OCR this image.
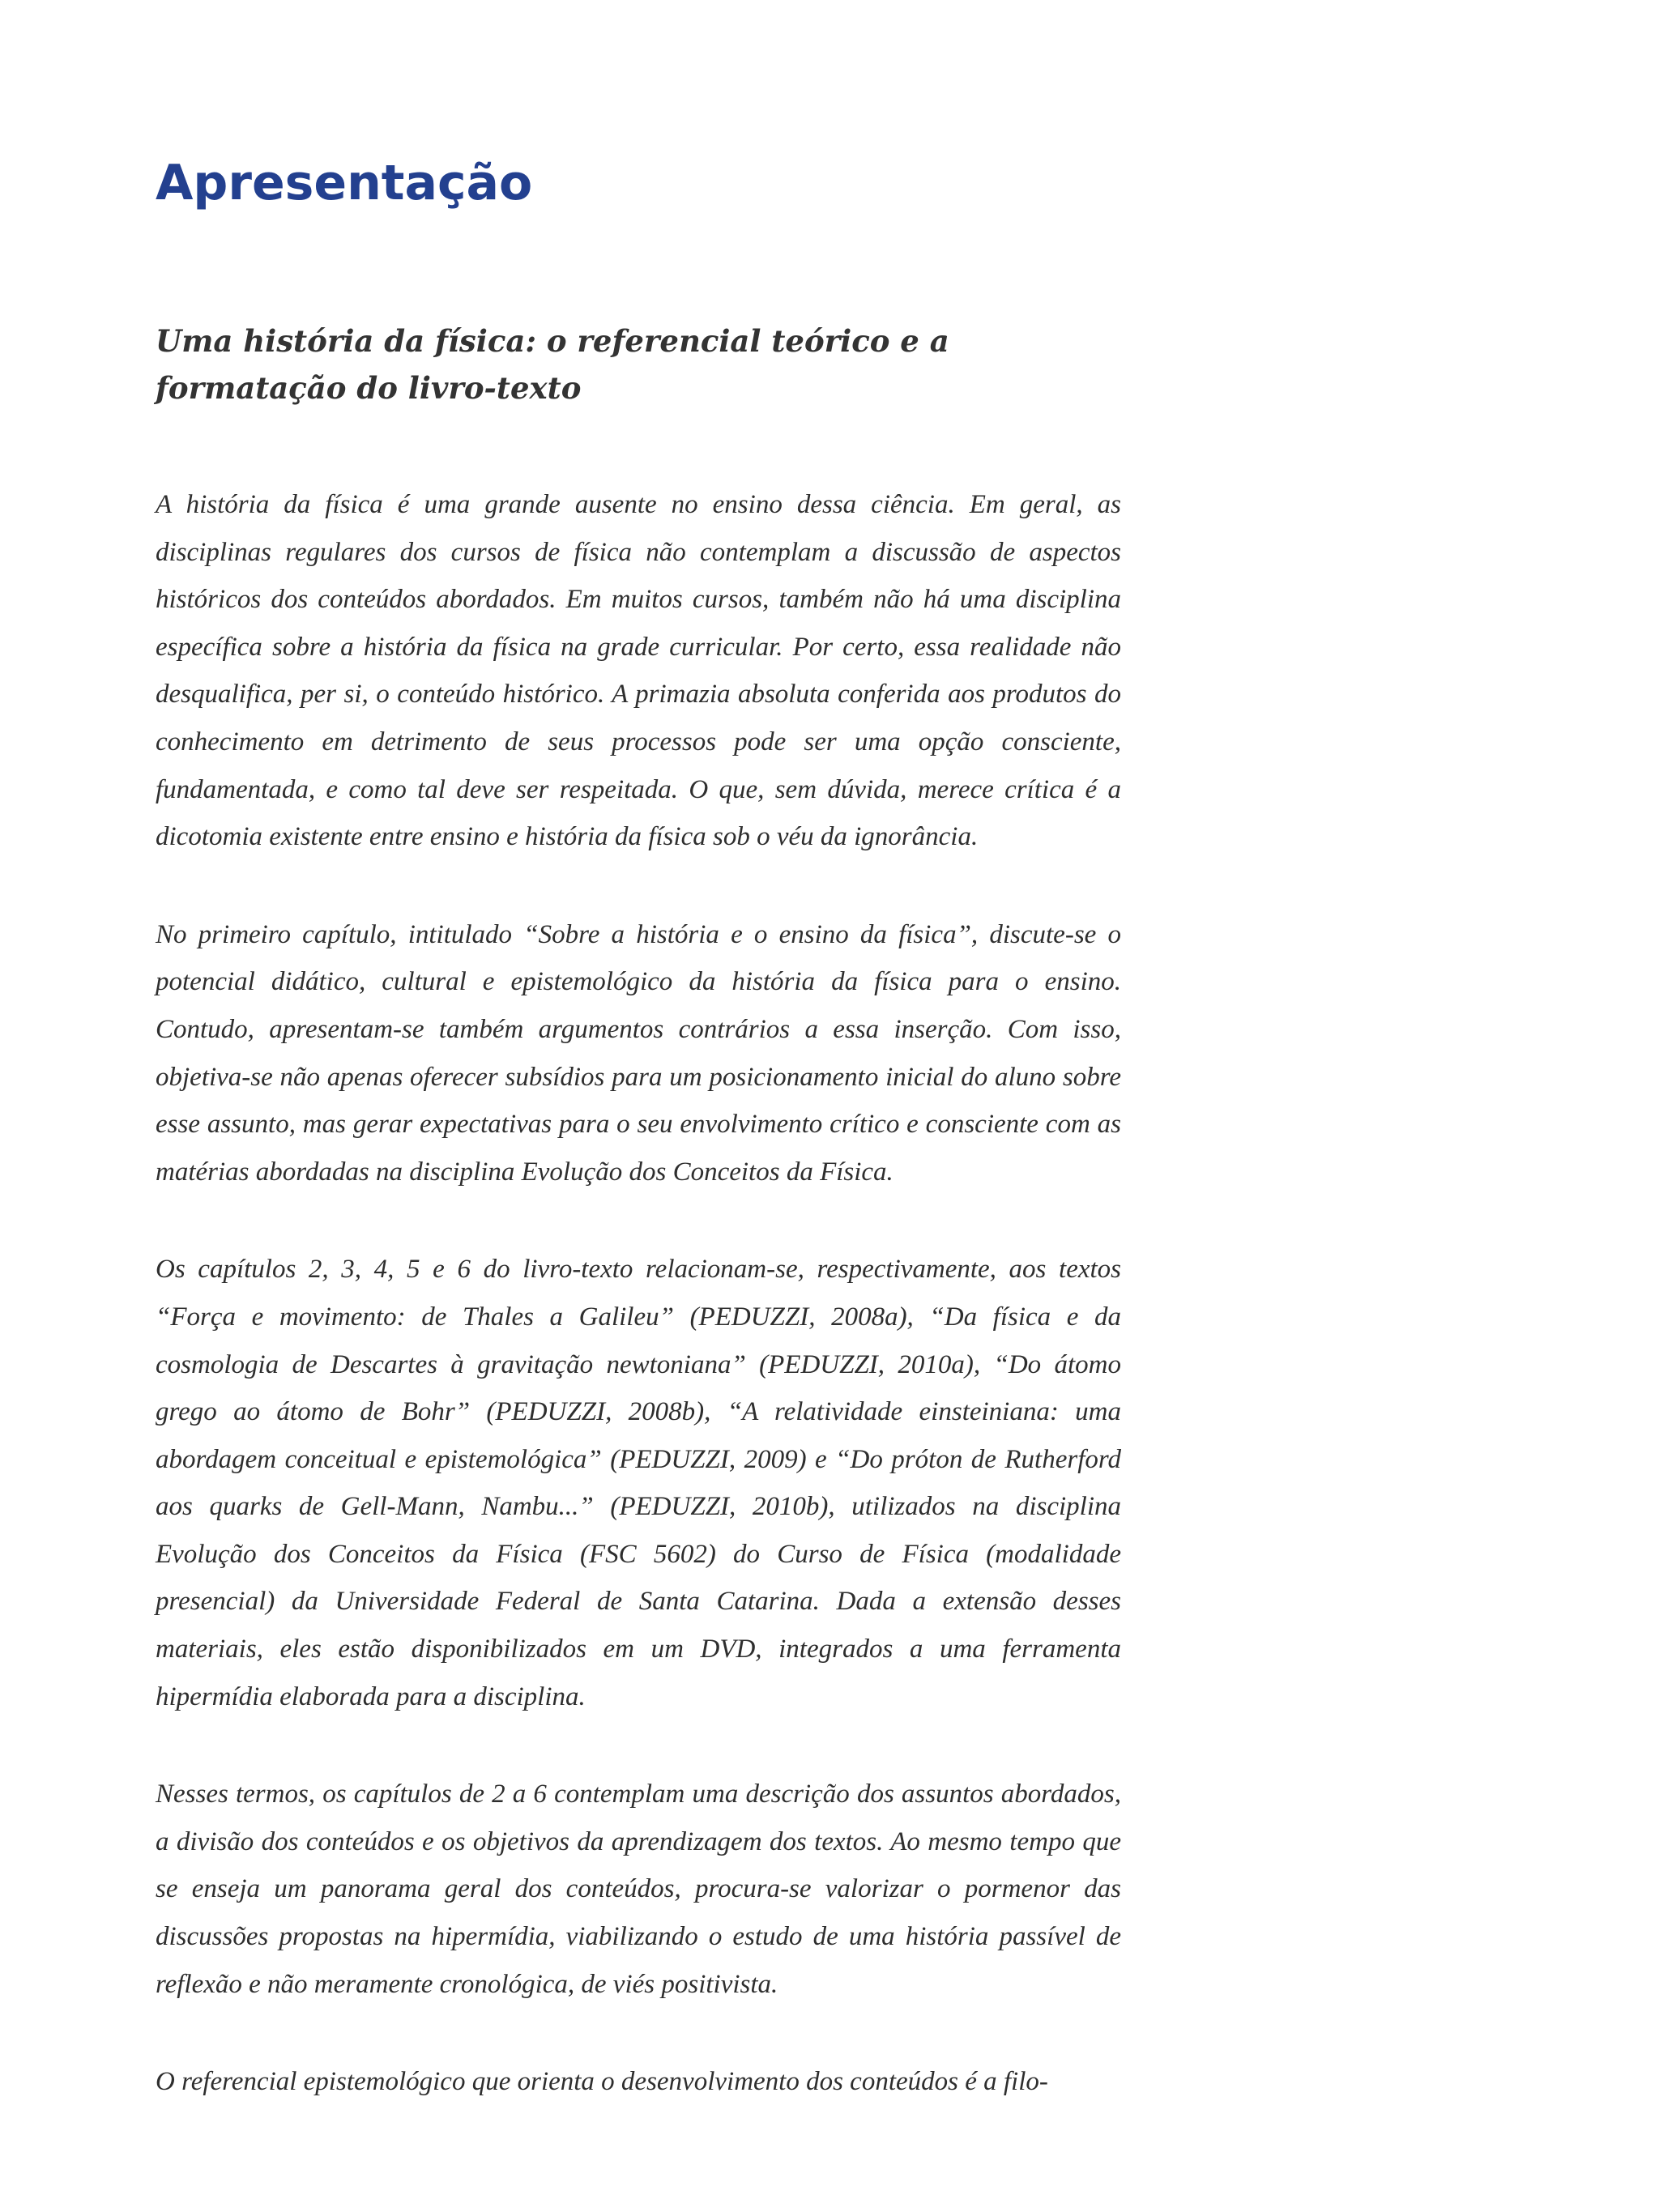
Apresentação
Uma história da física: o referencial teórico e a formatação do livro-texto

A história da física é uma grande ausente no ensino dessa ciência. Em geral, as disciplinas regulares dos cursos de física não contemplam a discussão de aspectos históricos dos conteúdos abordados. Em muitos cursos, também não há uma disciplina específica sobre a história da física na grade curricular. Por certo, essa realidade não desqualifica, per si, o conteúdo histórico. A primazia absoluta conferida aos produtos do conhecimento em detrimento de seus processos pode ser uma opção consciente, fundamentada, e como tal deve ser respeitada. O que, sem dúvida, merece crítica é a dicotomia existente entre ensino e história da física sob o véu da ignorância.

No primeiro capítulo, intitulado “Sobre a história e o ensino da física”, discute-se o potencial didático, cultural e epistemológico da história da física para o ensino. Contudo, apresentam-se também argumentos contrários a essa inserção. Com isso, objetiva-se não apenas oferecer subsídios para um posicionamento inicial do aluno sobre esse assunto, mas gerar expectativas para o seu envolvimento crítico e consciente com as matérias abordadas na disciplina Evolução dos Conceitos da Física.

Os capítulos 2, 3, 4, 5 e 6 do livro-texto relacionam-se, respectivamente, aos textos “Força e movimento: de Thales a Galileu” (PEDUZZI, 2008a), “Da física e da cosmologia de Descartes à gravitação newtoniana” (PEDUZZI, 2010a), “Do átomo grego ao átomo de Bohr” (PEDUZZI, 2008b), “A relatividade einsteiniana: uma abordagem conceitual e epistemológica” (PEDUZZI, 2009) e “Do próton de Rutherford aos quarks de Gell-Mann, Nambu...” (PEDUZZI, 2010b), utilizados na disciplina Evolução dos Conceitos da Física (FSC 5602) do Curso de Física (modalidade presencial) da Universidade Federal de Santa Catarina. Dada a extensão desses materiais, eles estão disponibilizados em um DVD, integrados a uma ferramenta hipermídia elaborada para a disciplina.

Nesses termos, os capítulos de 2 a 6 contemplam uma descrição dos assuntos abordados, a divisão dos conteúdos e os objetivos da aprendizagem dos textos. Ao mesmo tempo que se enseja um panorama geral dos conteúdos, procura-se valorizar o pormenor das discussões propostas na hipermídia, viabilizando o estudo de uma história passível de reflexão e não meramente cronológica, de viés positivista.

O referencial epistemológico que orienta o desenvolvimento dos conteúdos é a filo-
